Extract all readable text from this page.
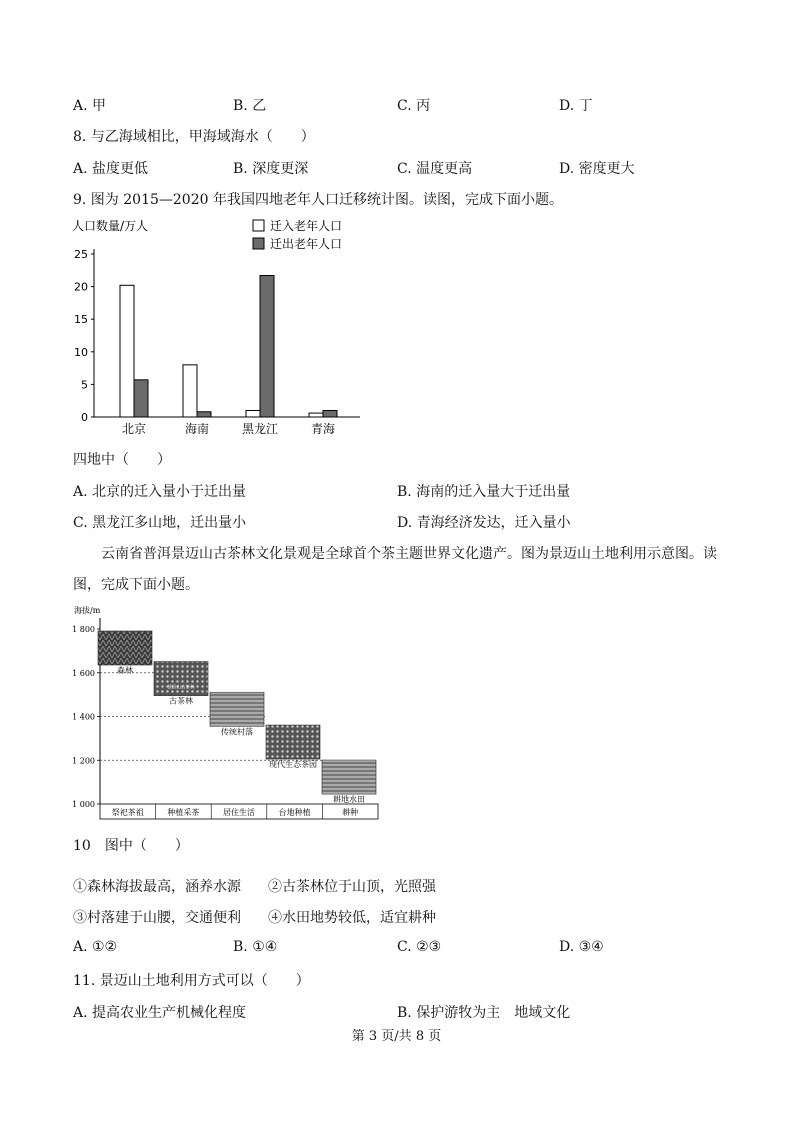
A. 甲	B. 乙	C. 丙	D. 丁
8. 与乙海域相比，甲海域海水（　　）
A. 盐度更低	B. 深度更深	C. 温度更高	D. 密度更大
9. 图为 2015—2020 年我国四地老年人口迁移统计图。读图，完成下面小题。
人口数量/万人	迁入老年人口
迁出老年人口
0
5
10
15
20
25
北京	海南	黑龙江	青海
四地中（　　）
A. 北京的迁入量小于迁出量	B. 海南的迁入量大于迁出量
C. 黑龙江多山地，迁出量小	D. 青海经济发达，迁入量小
云南省普洱景迈山古茶林文化景观是全球首个茶主题世界文化遗产。图为景迈山土地利用示意图。读
图，完成下面小题。
海拔/m
1 800
1 600
1 400
1 200
1 000
森林
景迈山古茶林
古茶林
传统村落
现代生态茶园
耕地水田
祭祀茶祖	种植采茶	居住生活	台地种植	耕种
10　图中（　　）
①森林海拔最高，涵养水源 ②古茶林位于山顶，光照强
③村落建于山腰，交通便利 ④水田地势较低，适宜耕种
A. ①②	B. ①④	C. ②③	D. ③④
11. 景迈山土地利用方式可以（　　）
A. 提高农业生产机械化程度	B. 保护游牧为主　地域文化
第 3 页/共 8 页
